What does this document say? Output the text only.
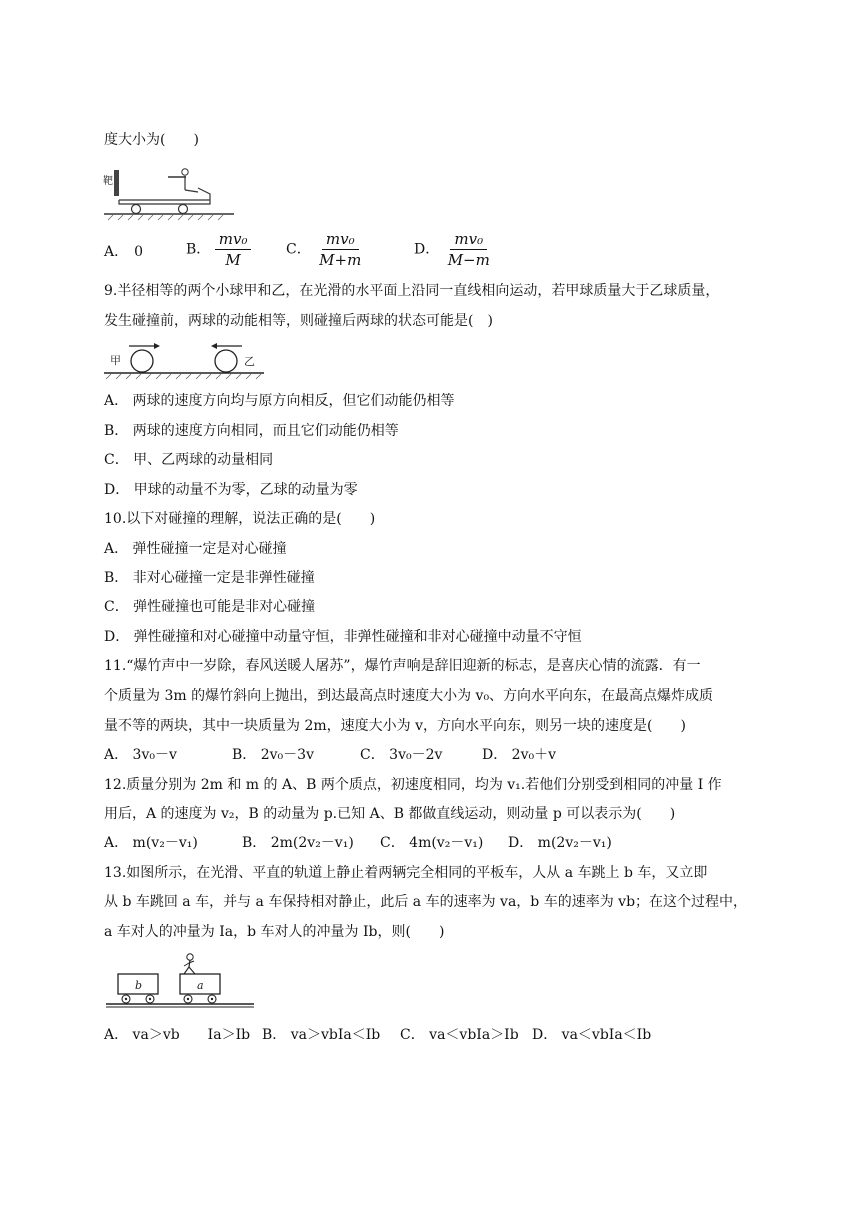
度大小为(　　)
靶
A． 0	B． $\frac{\text{mv₀}}{M}$ C． $\frac{\text{mv₀}}{M+m}$	D． $\frac{\text{mv₀}}{M-m}$
9.半径相等的两个小球甲和乙，在光滑的水平面上沿同一直线相向运动，若甲球质量大于乙球质量，
发生碰撞前，两球的动能相等，则碰撞后两球的状态可能是(　)
甲	乙
A． 两球的速度方向均与原方向相反，但它们动能仍相等
B． 两球的速度方向相同，而且它们动能仍相等
C． 甲、乙两球的动量相同
D． 甲球的动量不为零，乙球的动量为零
10.以下对碰撞的理解，说法正确的是(　　)
A． 弹性碰撞一定是对心碰撞
B． 非对心碰撞一定是非弹性碰撞
C． 弹性碰撞也可能是非对心碰撞
D． 弹性碰撞和对心碰撞中动量守恒，非弹性碰撞和非对心碰撞中动量不守恒
11.“爆竹声中一岁除，春风送暖人屠苏”，爆竹声响是辞旧迎新的标志，是喜庆心情的流露．有一
个质量为 3m 的爆竹斜向上抛出，到达最高点时速度大小为 v₀、方向水平向东，在最高点爆炸成质
量不等的两块，其中一块质量为 2m，速度大小为 v，方向水平向东，则另一块的速度是(　　)
A． 3v₀－v	B． 2v₀－3v	C． 3v₀－2v	D． 2v₀＋v
12.质量分别为 2m 和 m 的 A、B 两个质点，初速度相同，均为 v₁.若他们分别受到相同的冲量 I 作
用后，A 的速度为 v₂，B 的动量为 p.已知 A、B 都做直线运动，则动量 p 可以表示为(　　)
A． m(v₂－v₁)	B． 2m(2v₂－v₁) C． 4m(v₂－v₁) D． m(2v₂－v₁)
13.如图所示，在光滑、平直的轨道上静止着两辆完全相同的平板车，人从 a 车跳上 b 车，又立即
从 b 车跳回 a 车，并与 a 车保持相对静止，此后 a 车的速率为 va，b 车的速率为 vb；在这个过程中，
a 车对人的冲量为 Ia，b 车对人的冲量为 Ib，则(　　)
b	a
A． va＞vb　　Ia＞Ib B． va＞vbIa＜Ib C． va＜vbIa＞Ib D． va＜vbIa＜Ib
